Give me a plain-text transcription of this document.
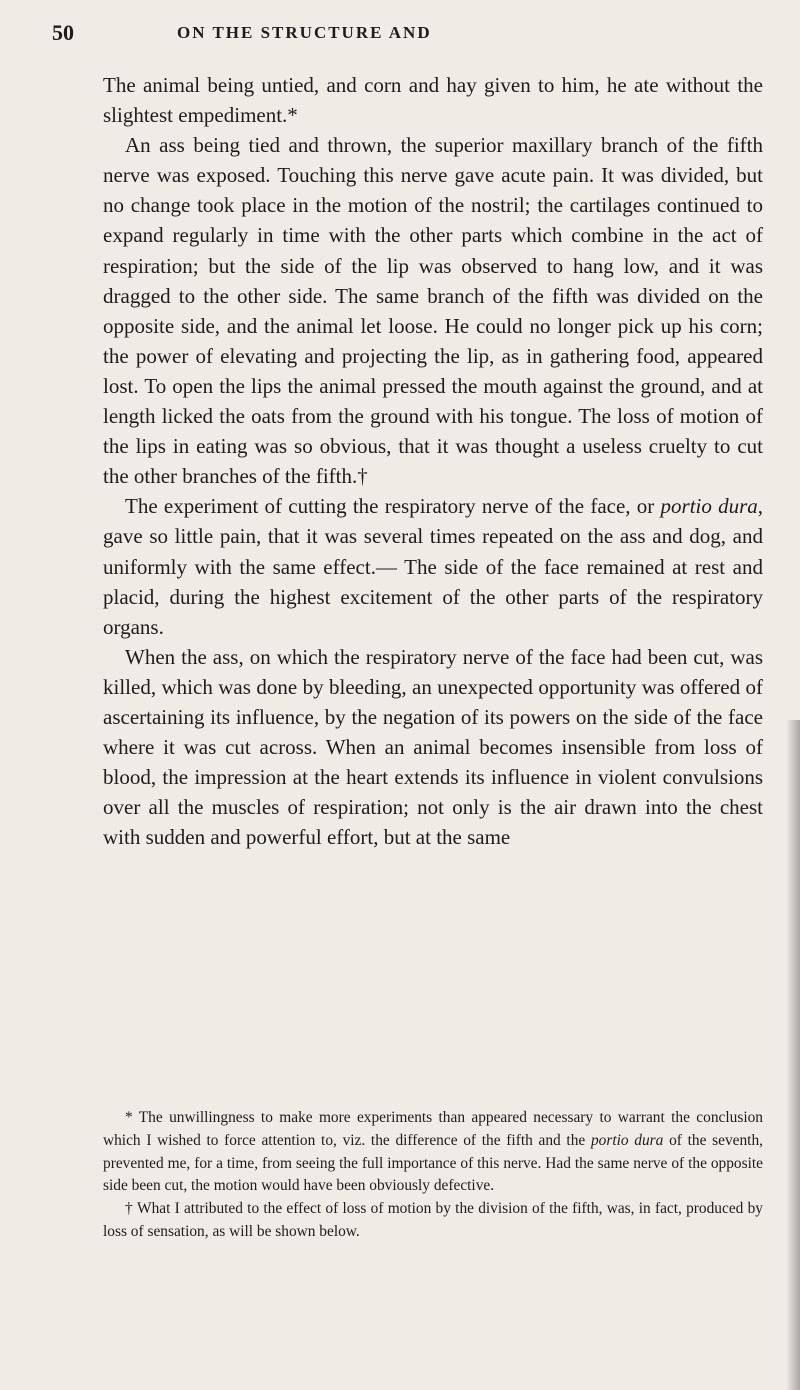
50	ON THE STRUCTURE AND

The animal being untied, and corn and hay given to him, he ate without the slightest empediment.*

An ass being tied and thrown, the superior maxillary branch of the fifth nerve was exposed. Touching this nerve gave acute pain. It was divided, but no change took place in the motion of the nostril; the cartilages continued to expand regularly in time with the other parts which combine in the act of respiration; but the side of the lip was observed to hang low, and it was dragged to the other side. The same branch of the fifth was divided on the opposite side, and the animal let loose. He could no longer pick up his corn; the power of elevating and projecting the lip, as in gathering food, appeared lost. To open the lips the animal pressed the mouth against the ground, and at length licked the oats from the ground with his tongue. The loss of motion of the lips in eating was so obvious, that it was thought a useless cruelty to cut the other branches of the fifth.†

The experiment of cutting the respiratory nerve of the face, or portio dura, gave so little pain, that it was several times repeated on the ass and dog, and uniformly with the same effect.— The side of the face remained at rest and placid, during the highest excitement of the other parts of the respiratory organs.

When the ass, on which the respiratory nerve of the face had been cut, was killed, which was done by bleeding, an unexpected opportunity was offered of ascertaining its influence, by the negation of its powers on the side of the face where it was cut across. When an animal becomes insensible from loss of blood, the impression at the heart extends its influence in violent convulsions over all the muscles of respiration; not only is the air drawn into the chest with sudden and powerful effort, but at the same

* The unwillingness to make more experiments than appeared necessary to warrant the conclusion which I wished to force attention to, viz. the difference of the fifth and the portio dura of the seventh, prevented me, for a time, from seeing the full importance of this nerve. Had the same nerve of the opposite side been cut, the motion would have been obviously defective.

† What I attributed to the effect of loss of motion by the division of the fifth, was, in fact, produced by loss of sensation, as will be shown below.
